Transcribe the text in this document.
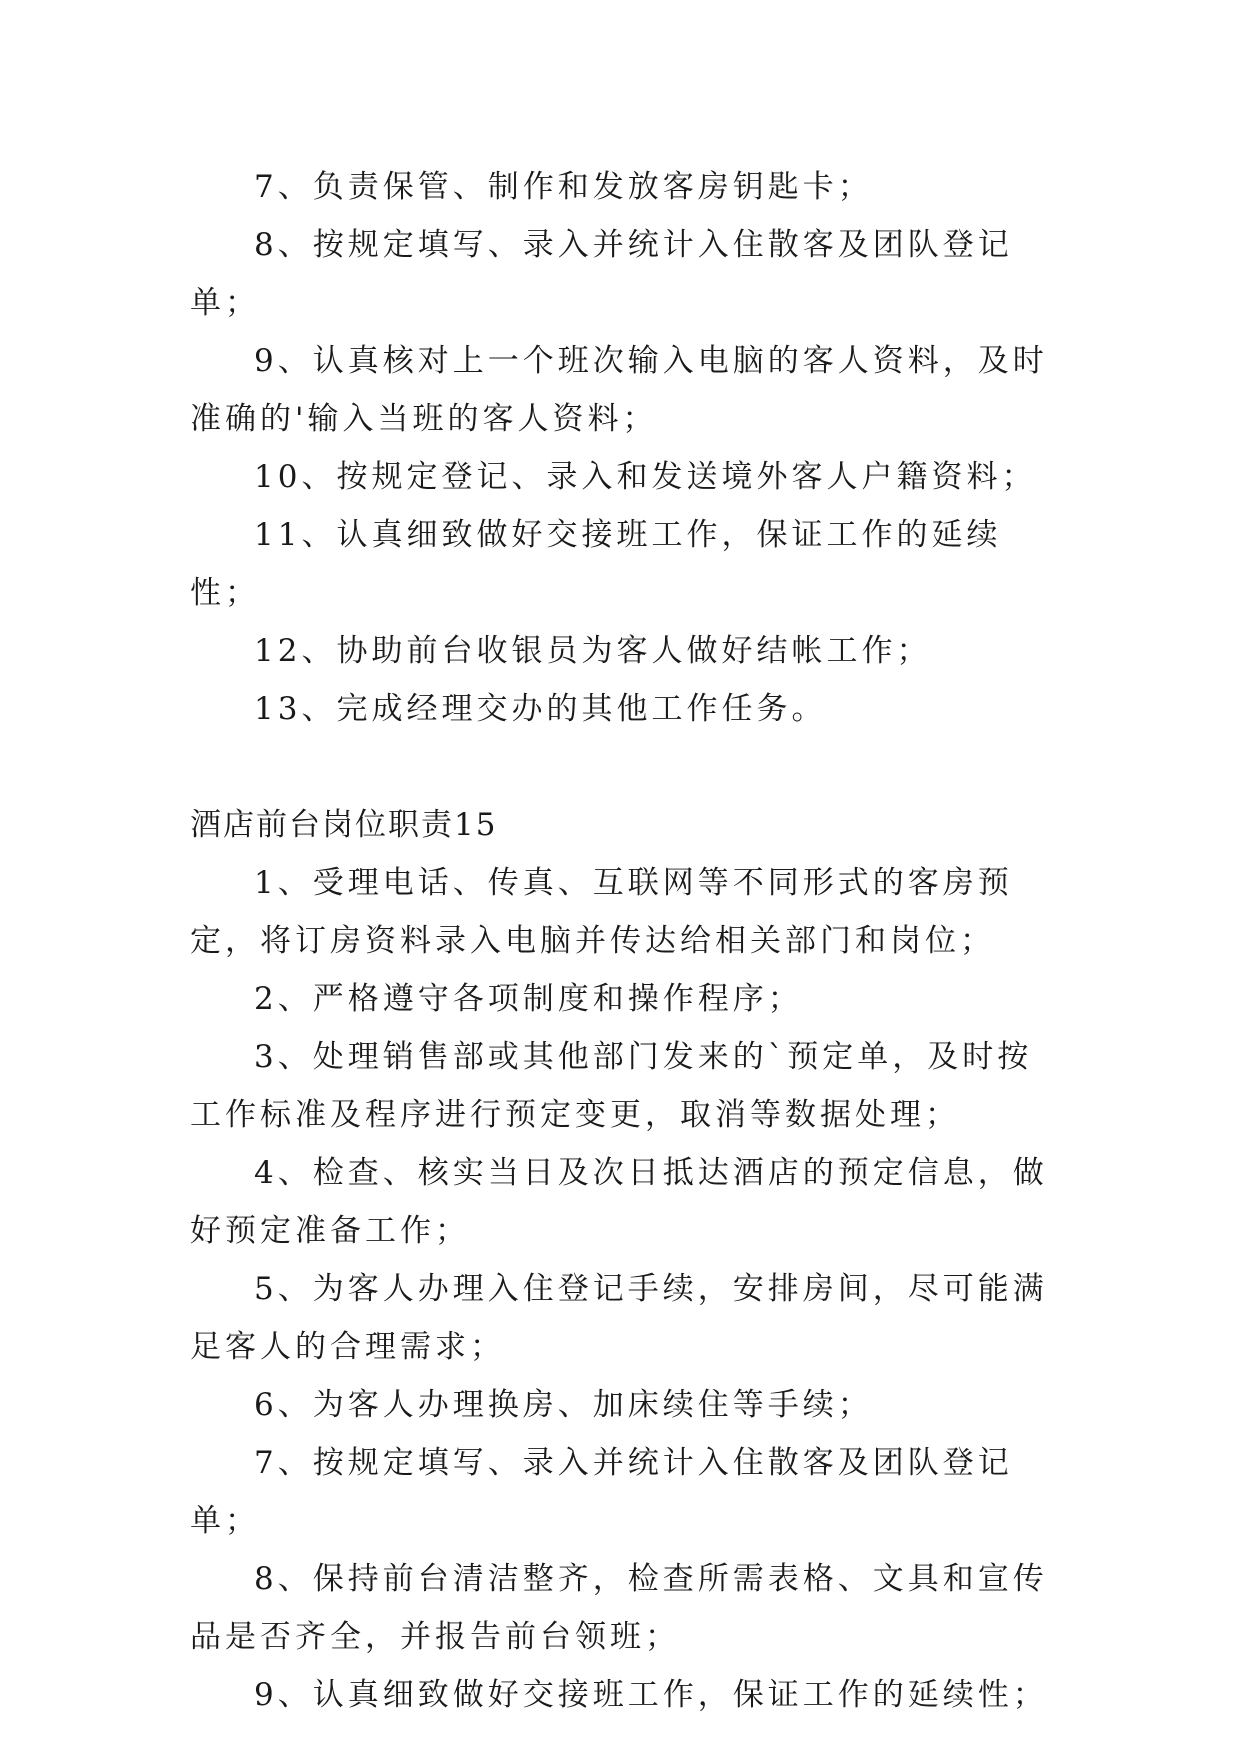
7、负责保管、制作和发放客房钥匙卡；

8、按规定填写、录入并统计入住散客及团队登记单；

9、认真核对上一个班次输入电脑的客人资料，及时准确的'输入当班的客人资料；

10、按规定登记、录入和发送境外客人户籍资料；

11、认真细致做好交接班工作，保证工作的延续性；

12、协助前台收银员为客人做好结帐工作；

13、完成经理交办的其他工作任务。

酒店前台岗位职责15

1、受理电话、传真、互联网等不同形式的客房预定，将订房资料录入电脑并传达给相关部门和岗位；

2、严格遵守各项制度和操作程序；

3、处理销售部或其他部门发来的`预定单，及时按工作标准及程序进行预定变更，取消等数据处理；

4、检查、核实当日及次日抵达酒店的预定信息，做好预定准备工作；

5、为客人办理入住登记手续，安排房间，尽可能满足客人的合理需求；

6、为客人办理换房、加床续住等手续；

7、按规定填写、录入并统计入住散客及团队登记单；

8、保持前台清洁整齐，检查所需表格、文具和宣传品是否齐全，并报告前台领班；

9、认真细致做好交接班工作，保证工作的延续性；
